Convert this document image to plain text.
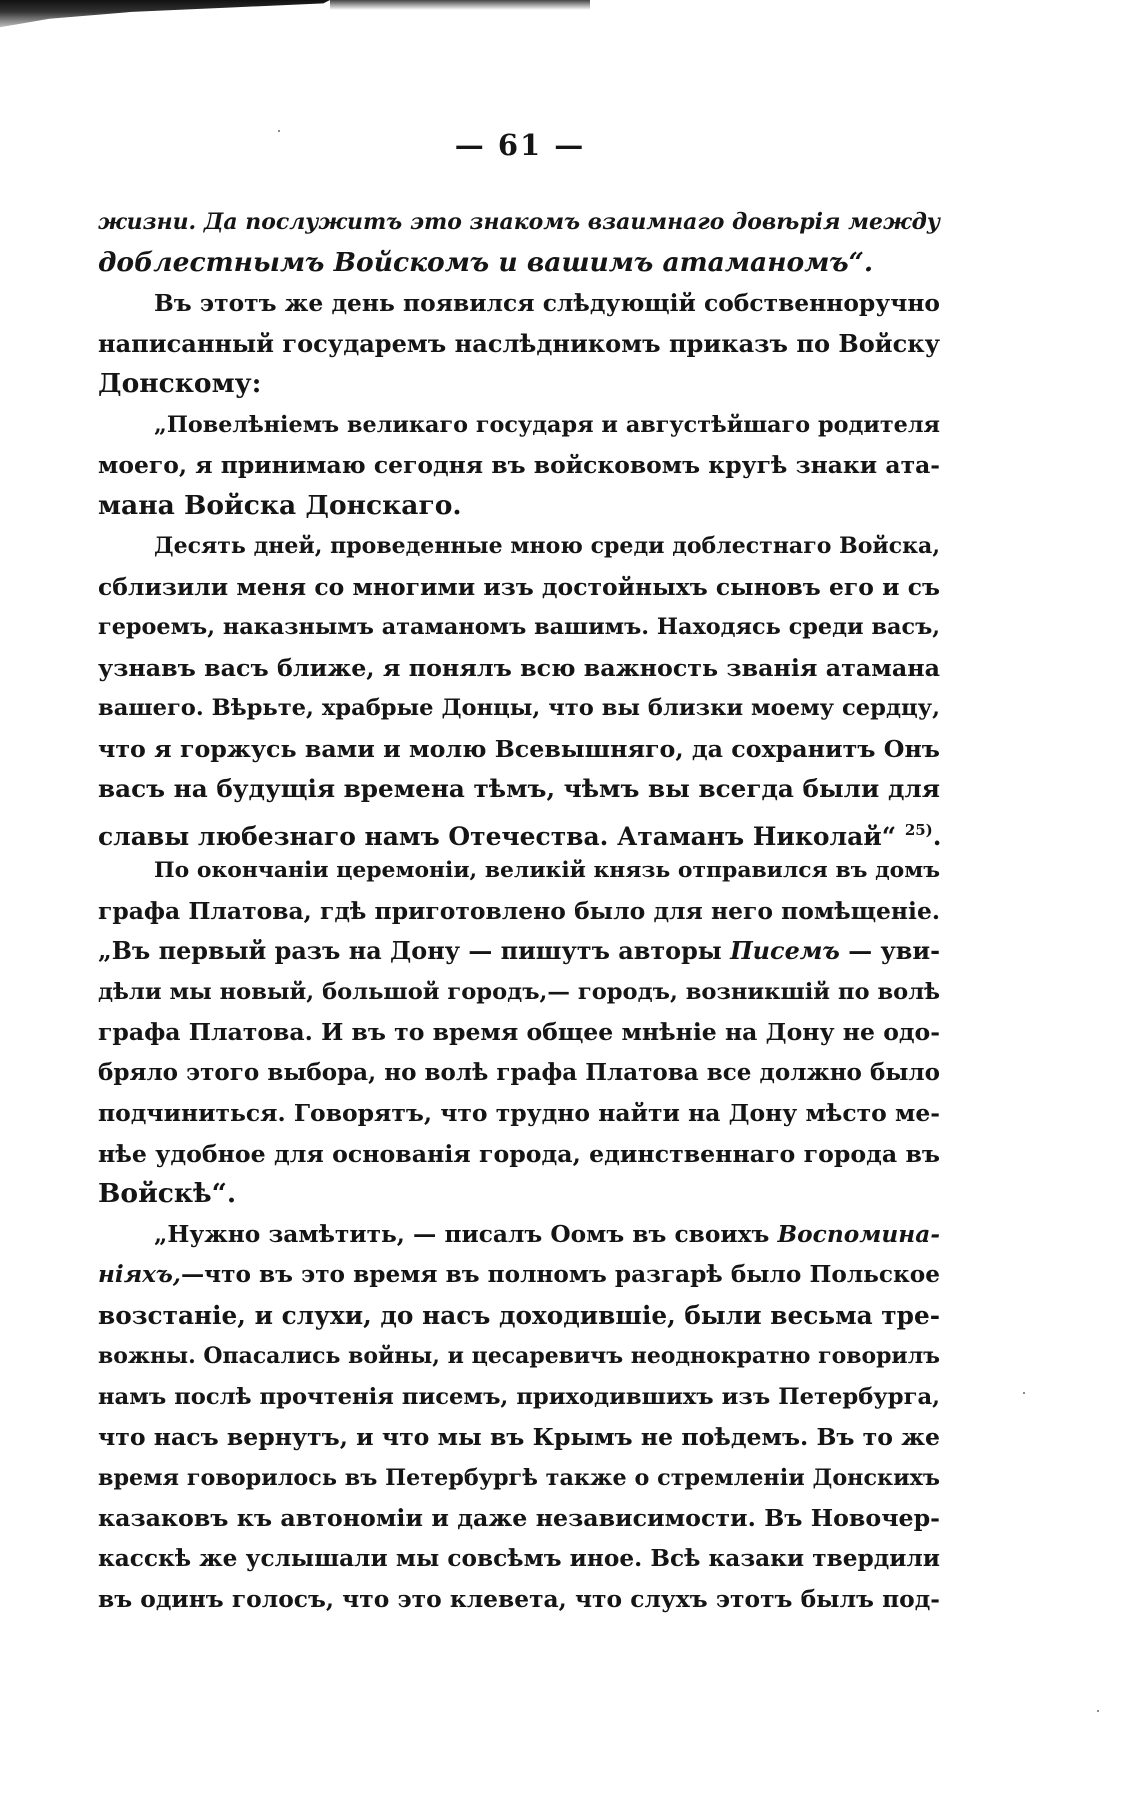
— 61 —
жизни. Да послужитъ это знакомъ взаимнаго довѣрія между
доблестнымъ Войскомъ и вашимъ атаманомъ“.
Въ этотъ же день появился слѣдующій собственноручно
написанный государемъ наслѣдникомъ приказъ по Войску
Донскому:
„Повелѣніемъ великаго государя и августѣйшаго родителя
моего, я принимаю сегодня въ войсковомъ кругѣ знаки ата-
мана Войска Донскаго.
Десять дней, проведенные мною среди доблестнаго Войска,
сблизили меня со многими изъ достойныхъ сыновъ его и съ
героемъ, наказнымъ атаманомъ вашимъ. Находясь среди васъ,
узнавъ васъ ближе, я понялъ всю важность званія атамана
вашего. Вѣрьте, храбрые Донцы, что вы близки моему сердцу,
что я горжусь вами и молю Всевышняго, да сохранитъ Онъ
васъ на будущія времена тѣмъ, чѣмъ вы всегда были для
славы любезнаго намъ Отечества. Атаманъ Николай“ $^{25)}$.
По окончаніи церемоніи, великій князь отправился въ домъ
графа Платова, гдѣ приготовлено было для него помѣщеніе.
„Въ первый разъ на Дону — пишутъ авторы Писемъ — уви-
дѣли мы новый, большой городъ,— городъ, возникшій по волѣ
графа Платова. И въ то время общее мнѣніе на Дону не одо-
бряло этого выбора, но волѣ графа Платова все должно было
подчиниться. Говорятъ, что трудно найти на Дону мѣсто ме-
нѣе удобное для основанія города, единственнаго города въ
Войскѣ“.
„Нужно замѣтить, — писалъ Оомъ въ своихъ Воспомина-
ніяхъ,—что въ это время въ полномъ разгарѣ было Польское
возстаніе, и слухи, до насъ доходившіе, были весьма тре-
вожны. Опасались войны, и цесаревичъ неоднократно говорилъ
намъ послѣ прочтенія писемъ, приходившихъ изъ Петербурга,
что насъ вернутъ, и что мы въ Крымъ не поѣдемъ. Въ то же
время говорилось въ Петербургѣ также о стремленіи Донскихъ
казаковъ къ автономіи и даже независимости. Въ Новочер-
касскѣ же услышали мы совсѣмъ иное. Всѣ казаки твердили
въ одинъ голосъ, что это клевета, что слухъ этотъ былъ под-
